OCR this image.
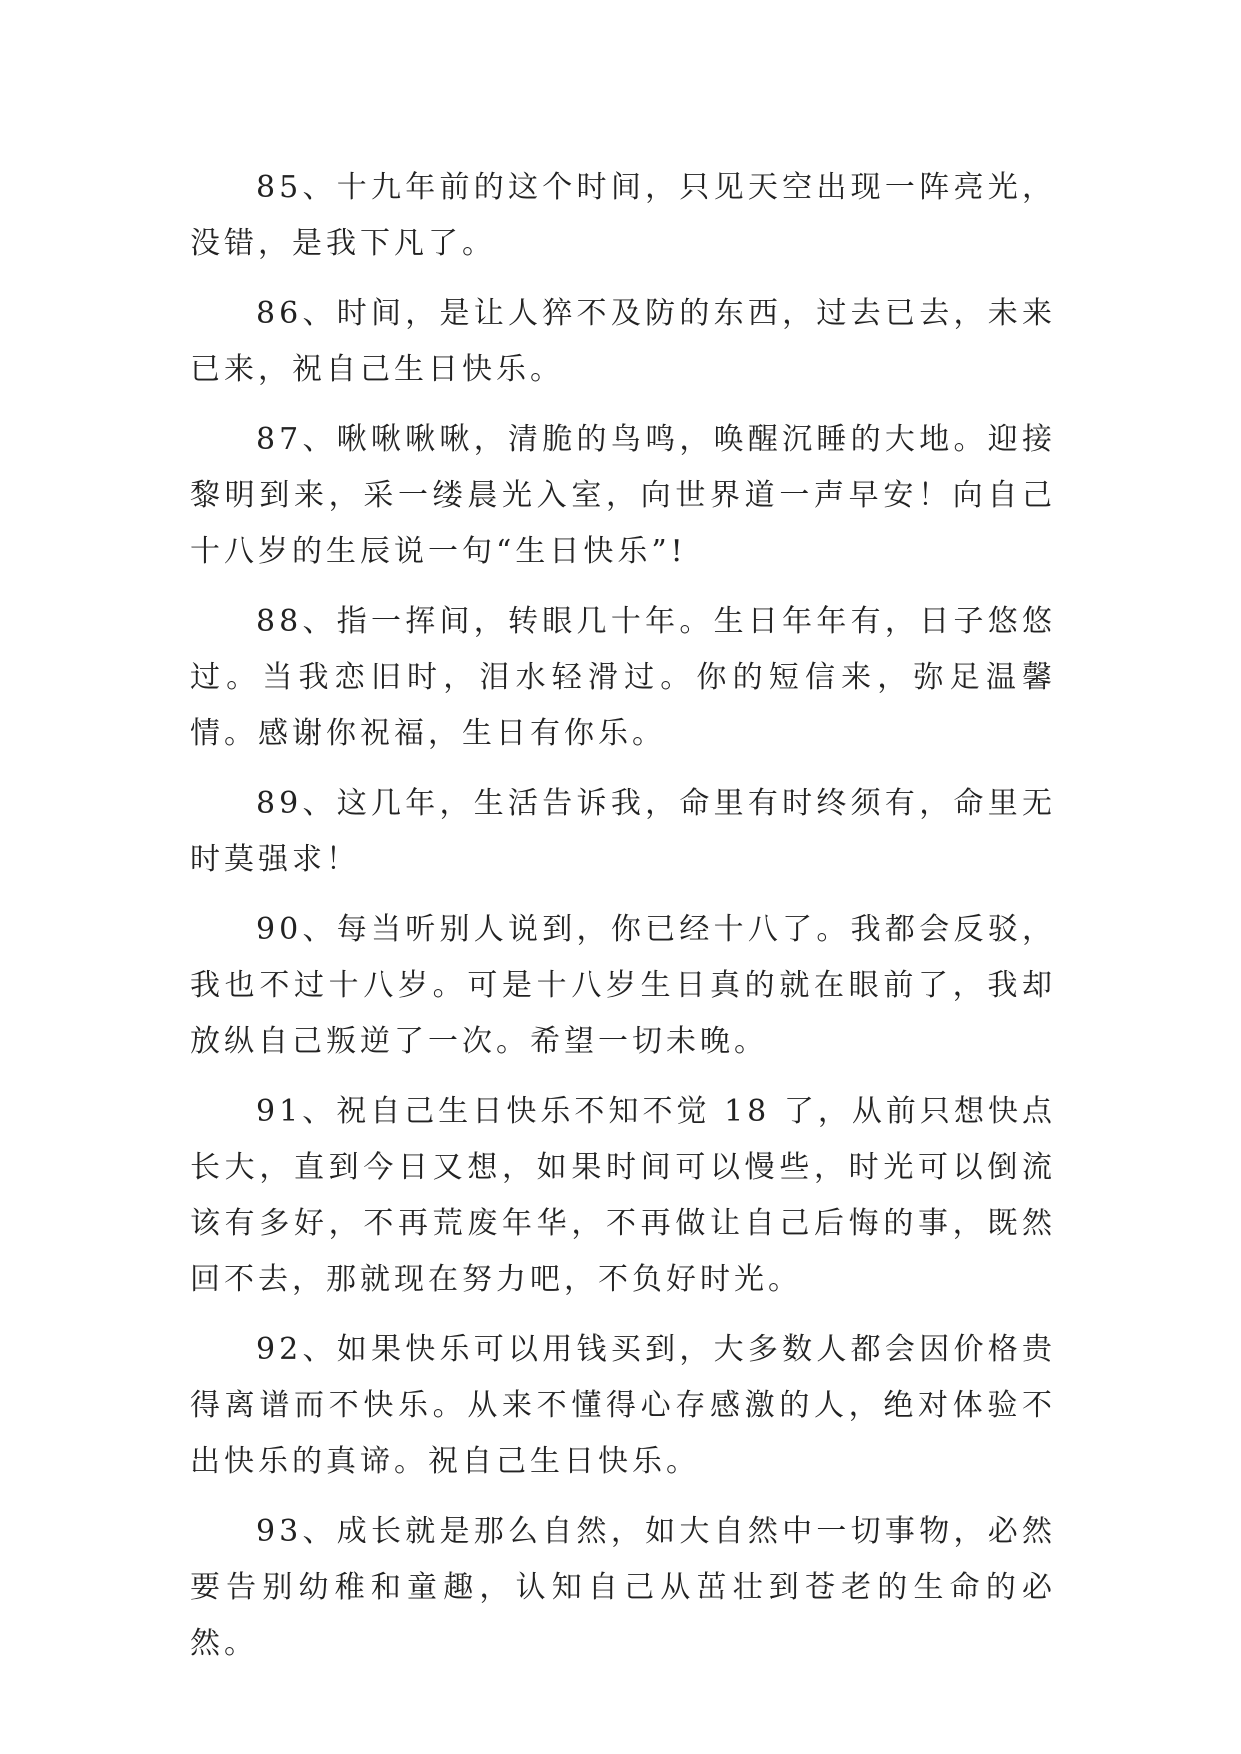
85、十九年前的这个时间，只见天空出现一阵亮光，没错，是我下凡了。

86、时间，是让人猝不及防的东西，过去已去，未来已来，祝自己生日快乐。

87、啾啾啾啾，清脆的鸟鸣，唤醒沉睡的大地。迎接黎明到来，采一缕晨光入室，向世界道一声早安！向自己十八岁的生辰说一句“生日快乐”!

88、指一挥间，转眼几十年。生日年年有，日子悠悠过。当我恋旧时，泪水轻滑过。你的短信来，弥足温馨情。感谢你祝福，生日有你乐。

89、这几年，生活告诉我，命里有时终须有，命里无时莫强求！

90、每当听别人说到，你已经十八了。我都会反驳，我也不过十八岁。可是十八岁生日真的就在眼前了，我却放纵自己叛逆了一次。希望一切未晚。

91、祝自己生日快乐不知不觉 18 了，从前只想快点长大，直到今日又想，如果时间可以慢些，时光可以倒流该有多好，不再荒废年华，不再做让自己后悔的事，既然回不去，那就现在努力吧，不负好时光。

92、如果快乐可以用钱买到，大多数人都会因价格贵得离谱而不快乐。从来不懂得心存感激的人，绝对体验不出快乐的真谛。祝自己生日快乐。

93、成长就是那么自然，如大自然中一切事物，必然要告别幼稚和童趣，认知自己从茁壮到苍老的生命的必然。
